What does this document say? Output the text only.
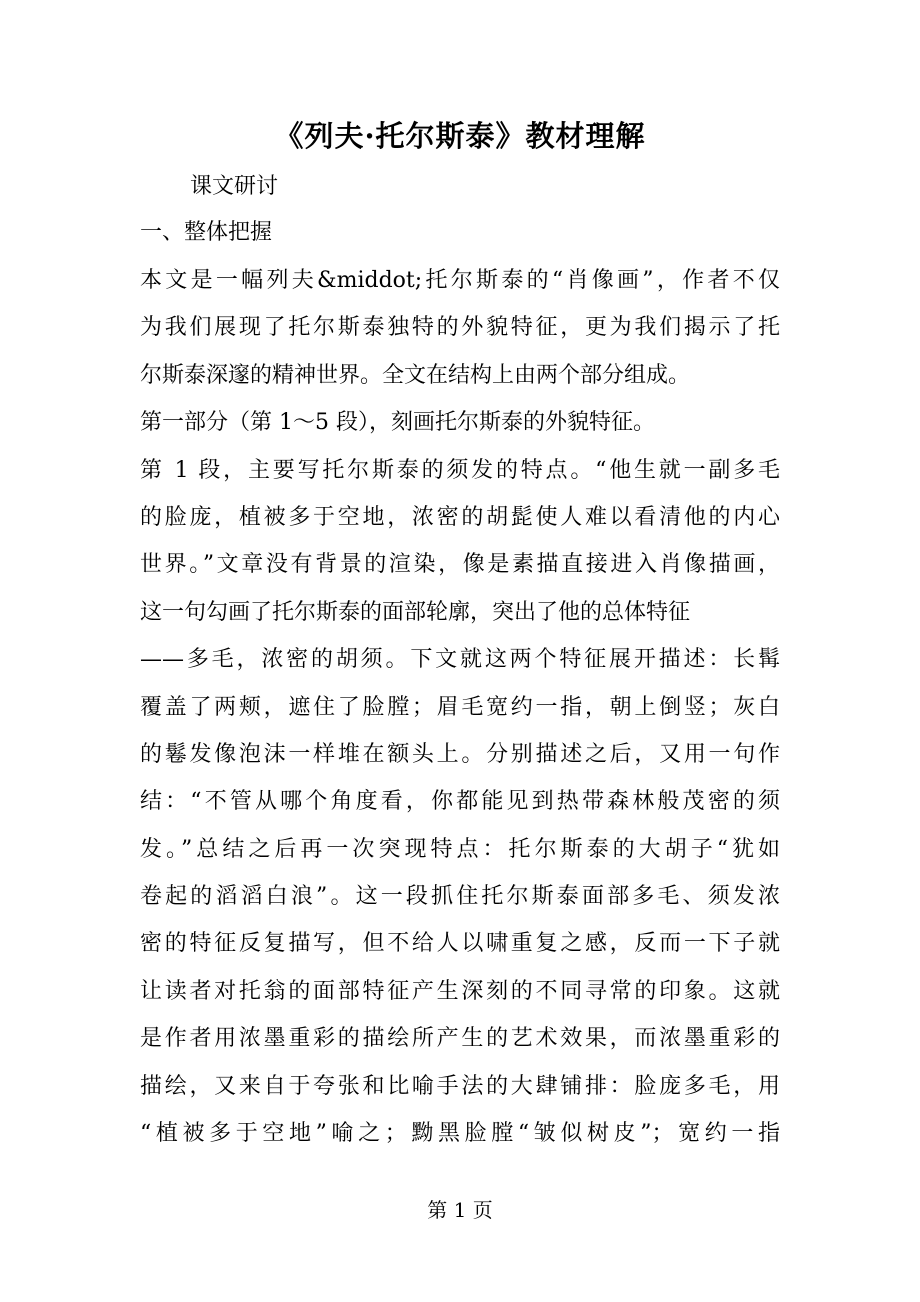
《列夫·托尔斯泰》教材理解
课文研讨
一、整体把握
本文是一幅列夫&middot;托尔斯泰的“肖像画”，作者不仅
为我们展现了托尔斯泰独特的外貌特征，更为我们揭示了托
尔斯泰深邃的精神世界。全文在结构上由两个部分组成。
第一部分（第 1～5 段），刻画托尔斯泰的外貌特征。
第 1 段，主要写托尔斯泰的须发的特点。“他生就一副多毛
的脸庞，植被多于空地，浓密的胡髭使人难以看清他的内心
世界。”文章没有背景的渲染，像是素描直接进入肖像描画，
这一句勾画了托尔斯泰的面部轮廓，突出了他的总体特征
——多毛，浓密的胡须。下文就这两个特征展开描述：长髯
覆盖了两颊，遮住了脸膛；眉毛宽约一指，朝上倒竖；灰白
的鬈发像泡沫一样堆在额头上。分别描述之后，又用一句作
结：“不管从哪个角度看，你都能见到热带森林般茂密的须
发。”总结之后再一次突现特点：托尔斯泰的大胡子“犹如
卷起的滔滔白浪”。这一段抓住托尔斯泰面部多毛、须发浓
密的特征反复描写，但不给人以啸重复之感，反而一下子就
让读者对托翁的面部特征产生深刻的不同寻常的印象。这就
是作者用浓墨重彩的描绘所产生的艺术效果，而浓墨重彩的
描绘，又来自于夸张和比喻手法的大肆铺排：脸庞多毛，用
“植被多于空地”喻之；黝黑脸膛“皱似树皮”；宽约一指
第 1 页
